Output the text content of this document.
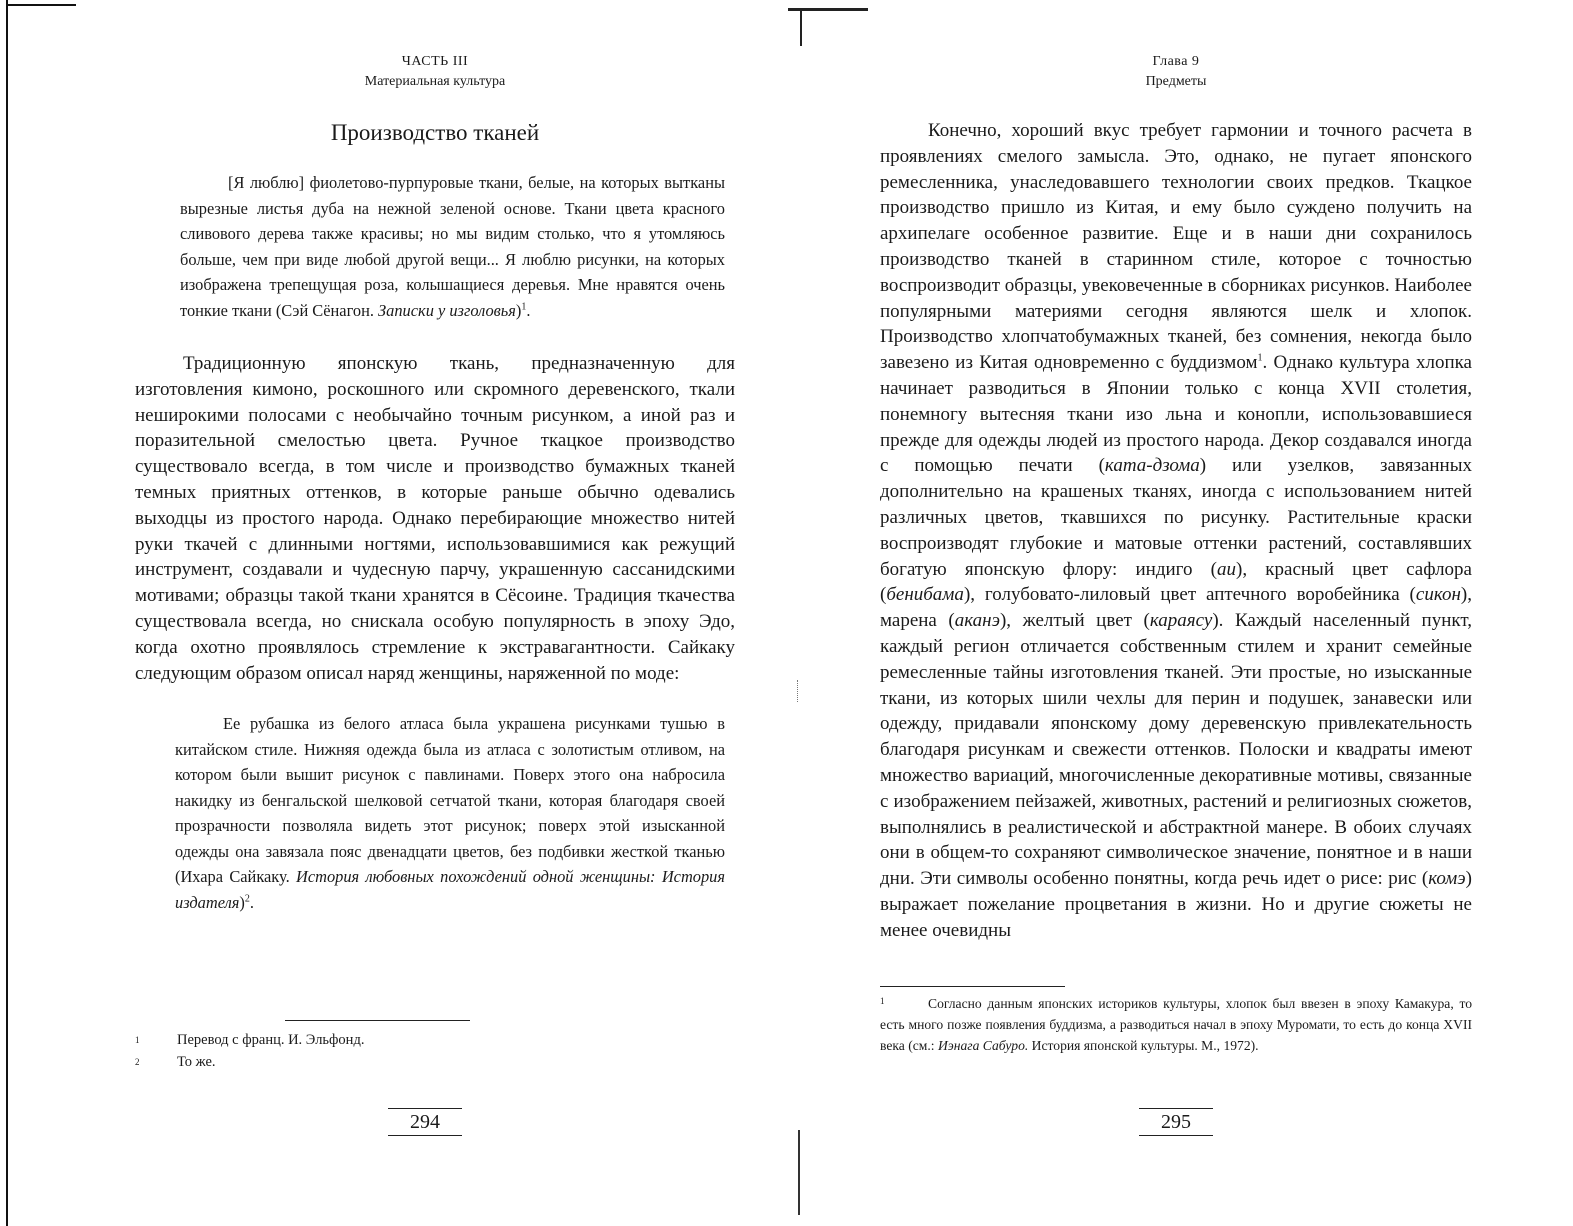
ЧАСТЬ III
Материальная культура
Производство тканей
[Я люблю] фиолетово-пурпуровые ткани, белые, на которых вытканы вырезные листья дуба на нежной зеленой основе. Ткани цвета красного сливового дерева также красивы; но мы видим столько, что я утомляюсь больше, чем при виде любой другой вещи... Я люблю рисунки, на которых изображена трепещущая роза, колышащиеся деревья. Мне нравятся очень тонкие ткани (Сэй Сёнагон. Записки у изголовья)$^1$.
Традиционную японскую ткань, предназначенную для изготовления кимоно, роскошного или скромного деревенского, ткали неширокими полосами с необычайно точным рисунком, а иной раз и поразительной смелостью цвета. Ручное ткацкое производство существовало всегда, в том числе и производство бумажных тканей темных приятных оттенков, в которые раньше обычно одевались выходцы из простого народа. Однако перебирающие множество нитей руки ткачей с длинными ногтями, использовавшимися как режущий инструмент, создавали и чудесную парчу, украшенную сассанидскими мотивами; образцы такой ткани хранятся в Сёсоине. Традиция ткачества существовала всегда, но снискала особую популярность в эпоху Эдо, когда охотно проявлялось стремление к экстравагантности. Сайкаку следующим образом описал наряд женщины, наряженной по моде:
Ее рубашка из белого атласа была украшена рисунками тушью в китайском стиле. Нижняя одежда была из атласа с золотистым отливом, на котором были вышит рисунок с павлинами. Поверх этого она набросила накидку из бенгальской шелковой сетчатой ткани, которая благодаря своей прозрачности позволяла видеть этот рисунок; поверх этой изысканной одежды она завязала пояс двенадцати цветов, без подбивки жесткой тканью (Ихара Сайкаку. История любовных похождений одной женщины: История издателя)$^2$.
1	Перевод с франц. И. Эльфонд.
2	То же.
294
Глава 9
Предметы
Конечно, хороший вкус требует гармонии и точного расчета в проявлениях смелого замысла. Это, однако, не пугает японского ремесленника, унаследовавшего технологии своих предков. Ткацкое производство пришло из Китая, и ему было суждено получить на архипелаге особенное развитие. Еще и в наши дни сохранилось производство тканей в старинном стиле, которое с точностью воспроизводит образцы, увековеченные в сборниках рисунков. Наиболее популярными материями сегодня являются шелк и хлопок. Производство хлопчатобумажных тканей, без сомнения, некогда было завезено из Китая одновременно с буддизмом$^1$. Однако культура хлопка начинает разводиться в Японии только с конца XVII столетия, понемногу вытесняя ткани изо льна и конопли, использовавшиеся прежде для одежды людей из простого народа. Декор создавался иногда с помощью печати (ката-дзома) или узелков, завязанных дополнительно на крашеных тканях, иногда с использованием нитей различных цветов, ткавшихся по рисунку. Растительные краски воспроизводят глубокие и матовые оттенки растений, составлявших богатую японскую флору: индиго (аи), красный цвет сафлора (бенибама), голубовато-лиловый цвет аптечного воробейника (сикон), марена (аканэ), желтый цвет (караясу). Каждый населенный пункт, каждый регион отличается собственным стилем и хранит семейные ремесленные тайны изготовления тканей. Эти простые, но изысканные ткани, из которых шили чехлы для перин и подушек, занавески или одежду, придавали японскому дому деревенскую привлекательность благодаря рисункам и свежести оттенков. Полоски и квадраты имеют множество вариаций, многочисленные декоративные мотивы, связанные с изображением пейзажей, животных, растений и религиозных сюжетов, выполнялись в реалистической и абстрактной манере. В обоих случаях они в общем-то сохраняют символическое значение, понятное и в наши дни. Эти символы особенно понятны, когда речь идет о рисе: рис (комэ) выражает пожелание процветания в жизни. Но и другие сюжеты не менее очевидны
1	Согласно данным японских историков культуры, хлопок был ввезен в эпоху Камакура, то есть много позже появления буддизма, а разводиться начал в эпоху Муромати, то есть до конца XVII века (см.: Иэнага Сабуро. История японской культуры. М., 1972).
295
